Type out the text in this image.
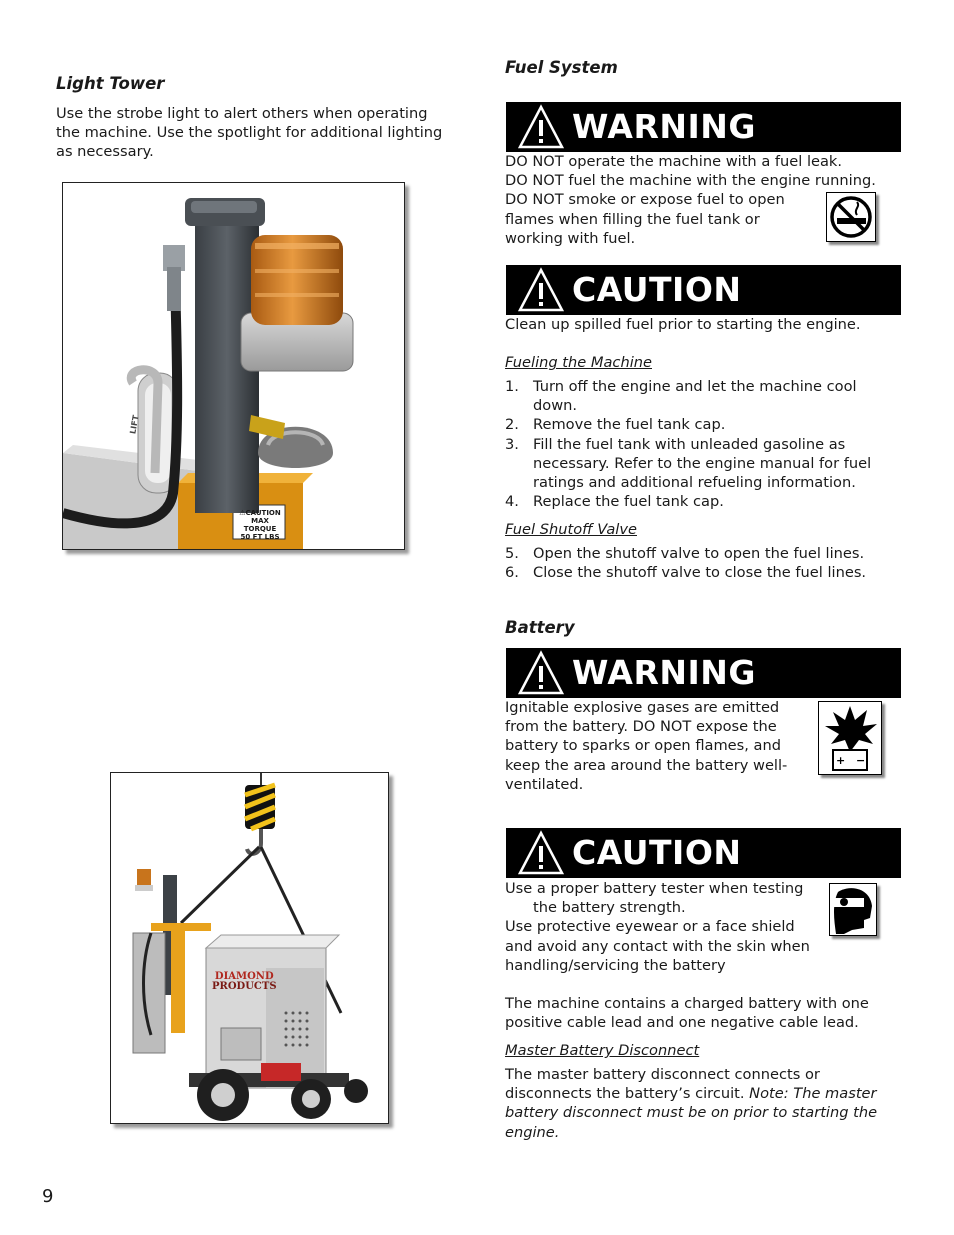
Light Tower

Use the strobe light to alert others when operating the machine. Use the spotlight for additional lighting as necessary.

⚠CAUTION
MAX TORQUE
50 FT LBS
LIFT
DIAMOND
PRODUCTS
Fuel System
WARNING

DO NOT operate the machine with a fuel leak.

DO NOT fuel the machine with the engine running.

DO NOT smoke or expose fuel to open

flames when filling the fuel tank or

working with fuel.

CAUTION

Clean up spilled fuel prior to starting the engine.

Fueling the Machine

1. Turn off the engine and let the machine cool down.
2. Remove the fuel tank cap.
3. Fill the fuel tank with unleaded gasoline as necessary. Refer to the engine manual for fuel ratings and additional refueling information.
4. Replace the fuel tank cap.

Fuel Shutoff Valve

5. Open the shutoff valve to open the fuel lines.
6. Close the shutoff valve to close the fuel lines.
Battery
WARNING

Ignitable explosive gases are emitted from the battery. DO NOT expose the battery to sparks or open flames, and keep the area around the battery well-ventilated.

+ −
CAUTION

Use a proper battery tester when testing

the battery strength.

Use protective eyewear or a face shield and avoid any contact with the skin when handling/servicing the battery

The machine contains a charged battery with one positive cable lead and one negative cable lead.

Master Battery Disconnect

The master battery disconnect connects or disconnects the battery’s circuit. Note: The master battery disconnect must be on prior to starting the engine.

9
